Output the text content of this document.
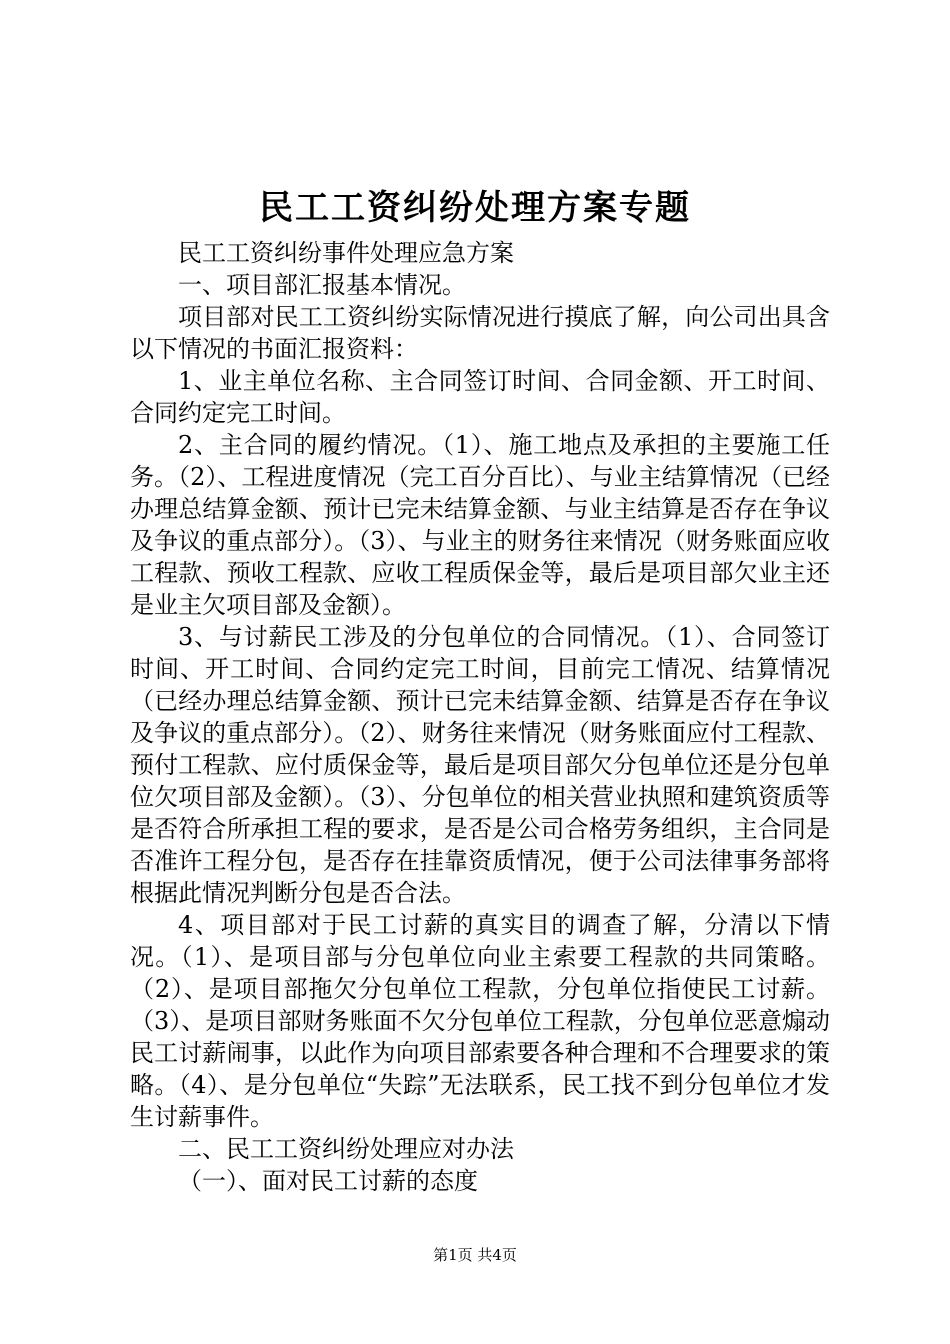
民工工资纠纷处理方案专题

民工工资纠纷事件处理应急方案

一、项目部汇报基本情况。

项目部对民工工资纠纷实际情况进行摸底了解，向公司出具含以下情况的书面汇报资料：

1、业主单位名称、主合同签订时间、合同金额、开工时间、合同约定完工时间。

2、主合同的履约情况。（1）、施工地点及承担的主要施工任务。（2）、工程进度情况（完工百分百比）、与业主结算情况（已经办理总结算金额、预计已完未结算金额、与业主结算是否存在争议及争议的重点部分）。（3）、与业主的财务往来情况（财务账面应收工程款、预收工程款、应收工程质保金等，最后是项目部欠业主还是业主欠项目部及金额）。

3、与讨薪民工涉及的分包单位的合同情况。（1）、合同签订时间、开工时间、合同约定完工时间，目前完工情况、结算情况（已经办理总结算金额、预计已完未结算金额、结算是否存在争议及争议的重点部分）。（2）、财务往来情况（财务账面应付工程款、预付工程款、应付质保金等，最后是项目部欠分包单位还是分包单位欠项目部及金额）。（3）、分包单位的相关营业执照和建筑资质等是否符合所承担工程的要求，是否是公司合格劳务组织，主合同是否准许工程分包，是否存在挂靠资质情况，便于公司法律事务部将根据此情况判断分包是否合法。

4、项目部对于民工讨薪的真实目的调查了解，分清以下情况。（1）、是项目部与分包单位向业主索要工程款的共同策略。（2）、是项目部拖欠分包单位工程款，分包单位指使民工讨薪。（3）、是项目部财务账面不欠分包单位工程款，分包单位恶意煽动民工讨薪闹事，以此作为向项目部索要各种合理和不合理要求的策略。（4）、是分包单位“失踪”无法联系，民工找不到分包单位才发生讨薪事件。

二、民工工资纠纷处理应对办法

（一）、面对民工讨薪的态度

第1页 共4页
